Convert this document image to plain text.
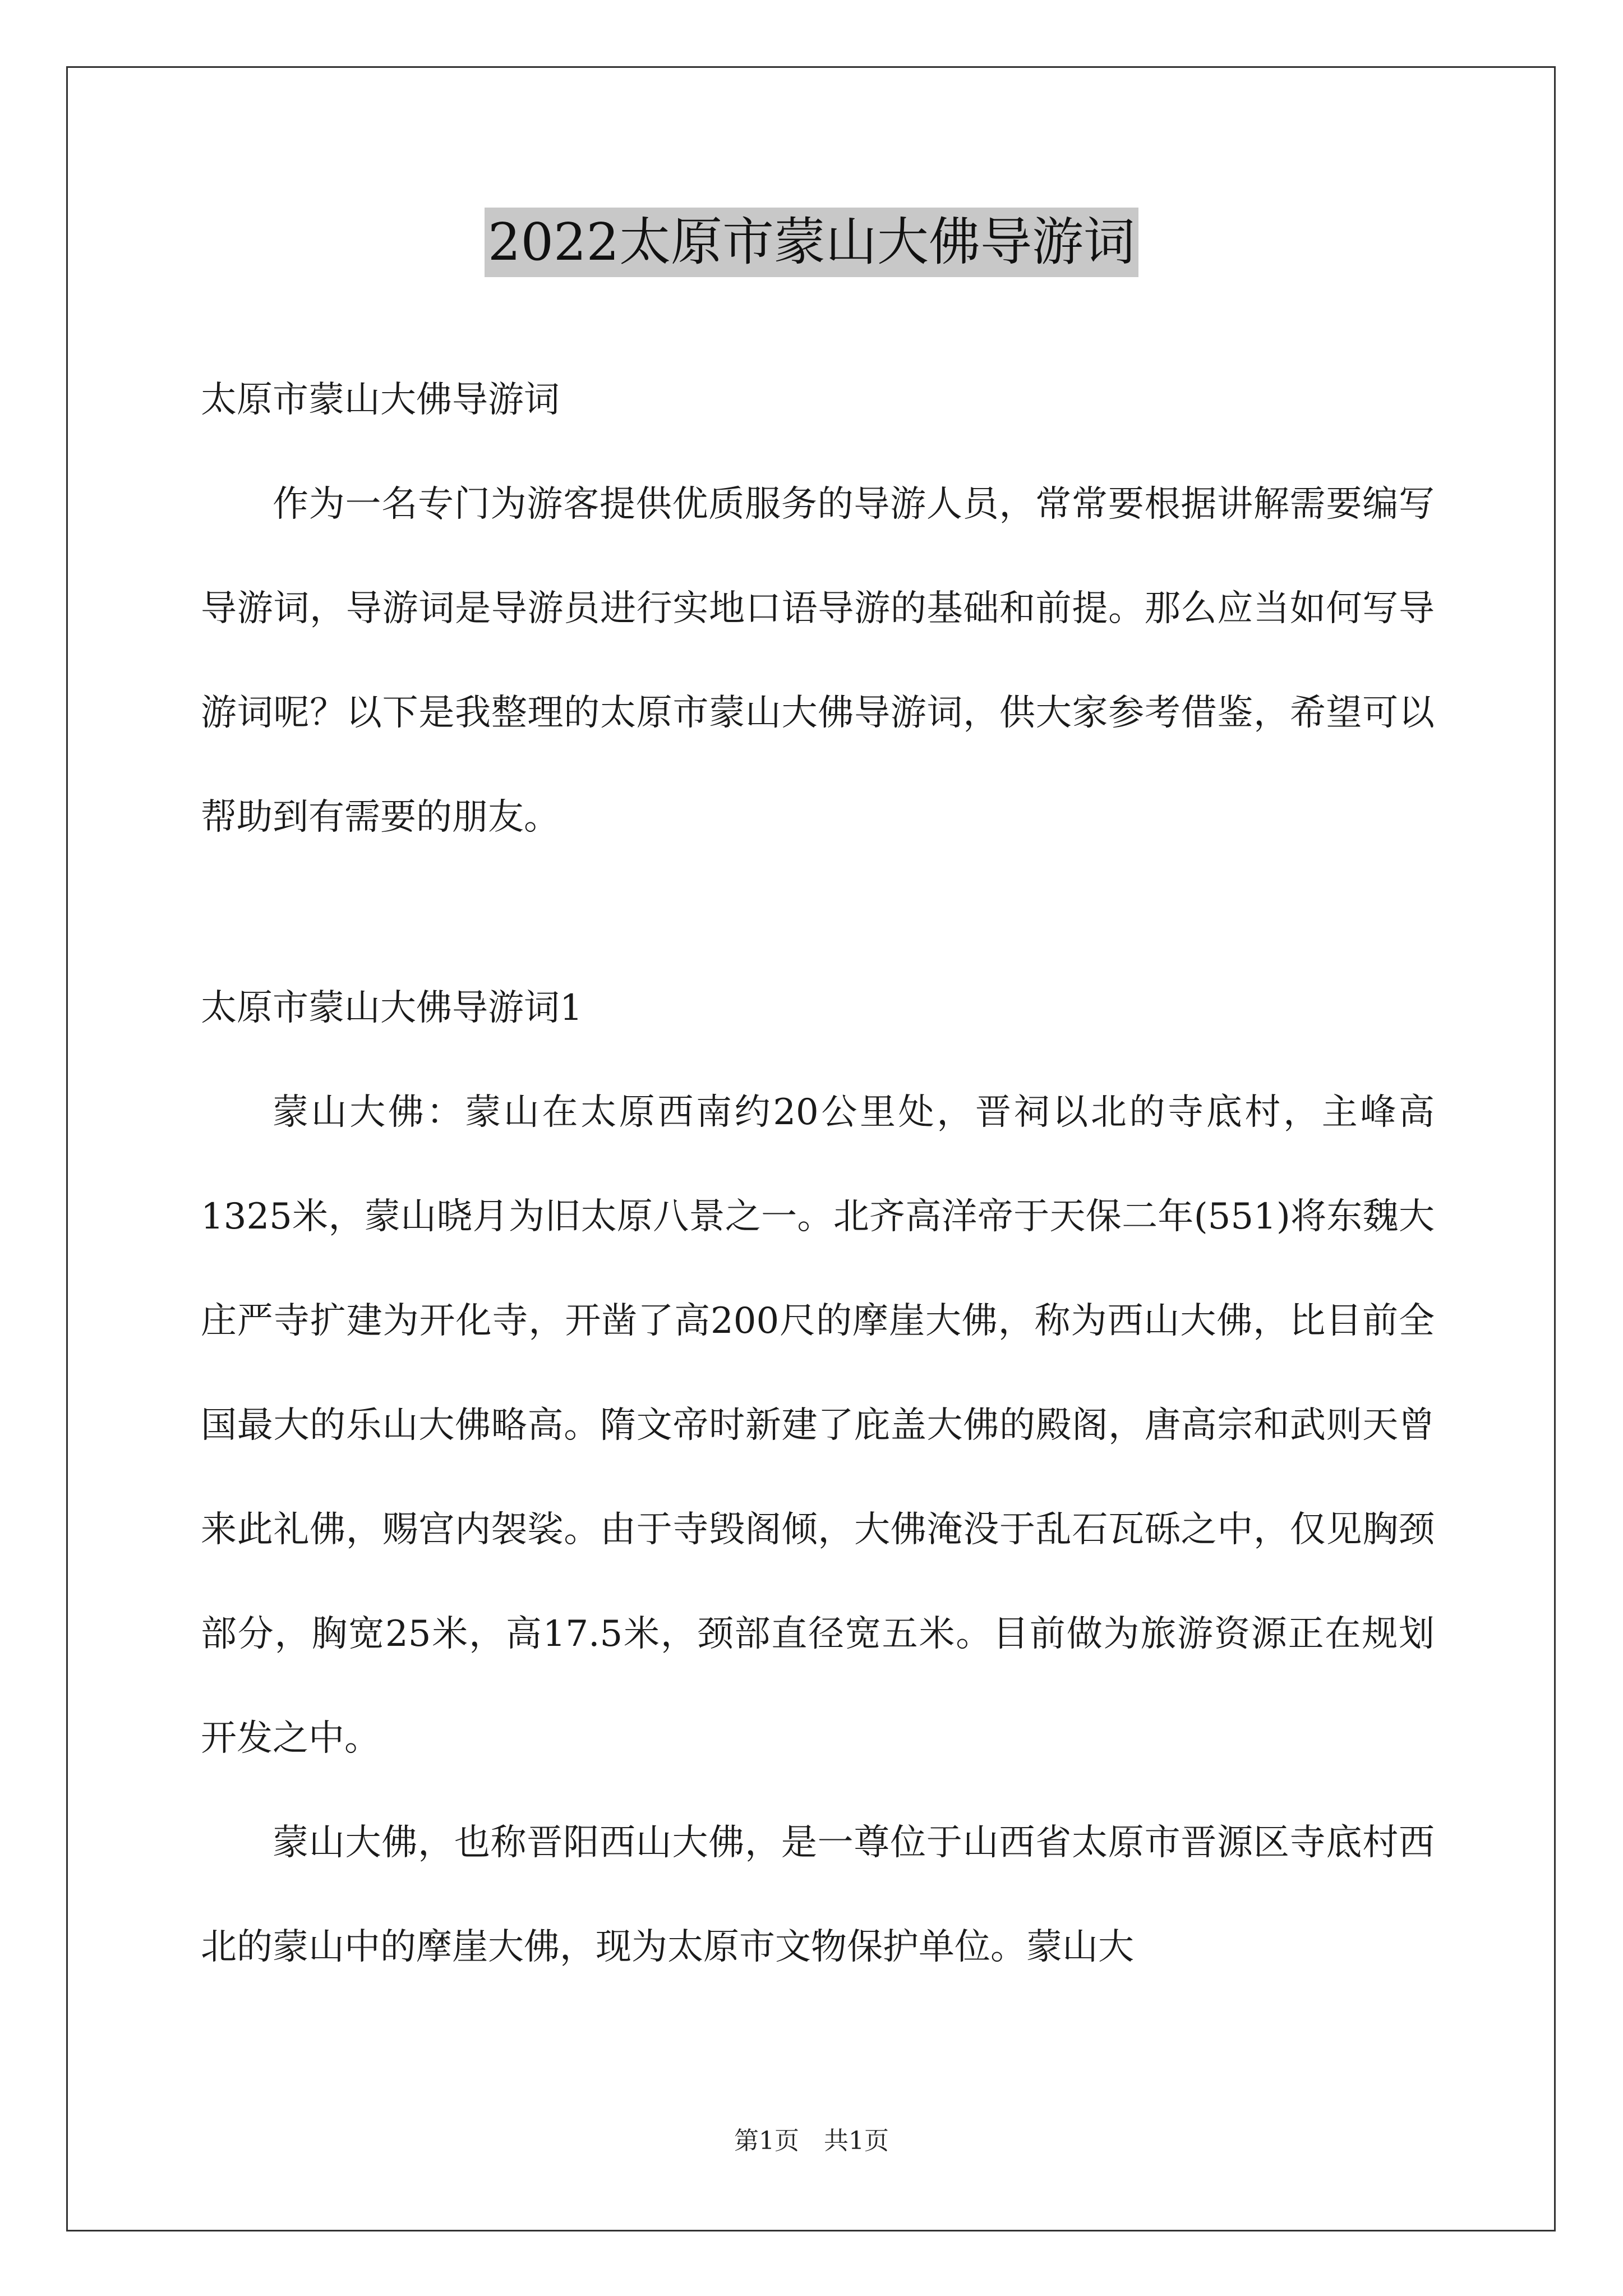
2022太原市蒙山大佛导游词

太原市蒙山大佛导游词

作为一名专门为游客提供优质服务的导游人员，常常要根据讲解需要编写导游词，导游词是导游员进行实地口语导游的基础和前提。那么应当如何写导游词呢？以下是我整理的太原市蒙山大佛导游词，供大家参考借鉴，希望可以帮助到有需要的朋友。

太原市蒙山大佛导游词1

蒙山大佛：蒙山在太原西南约20公里处，晋祠以北的寺底村，主峰高1325米，蒙山晓月为旧太原八景之一。北齐高洋帝于天保二年(551)将东魏大庄严寺扩建为开化寺，开凿了高200尺的摩崖大佛，称为西山大佛，比目前全国最大的乐山大佛略高。隋文帝时新建了庇盖大佛的殿阁，唐高宗和武则天曾来此礼佛，赐宫内袈裟。由于寺毁阁倾，大佛淹没于乱石瓦砾之中，仅见胸颈部分，胸宽25米，高17.5米，颈部直径宽五米。目前做为旅游资源正在规划开发之中。

蒙山大佛，也称晋阳西山大佛，是一尊位于山西省太原市晋源区寺底村西北的蒙山中的摩崖大佛，现为太原市文物保护单位。蒙山大

第1页　共1页
